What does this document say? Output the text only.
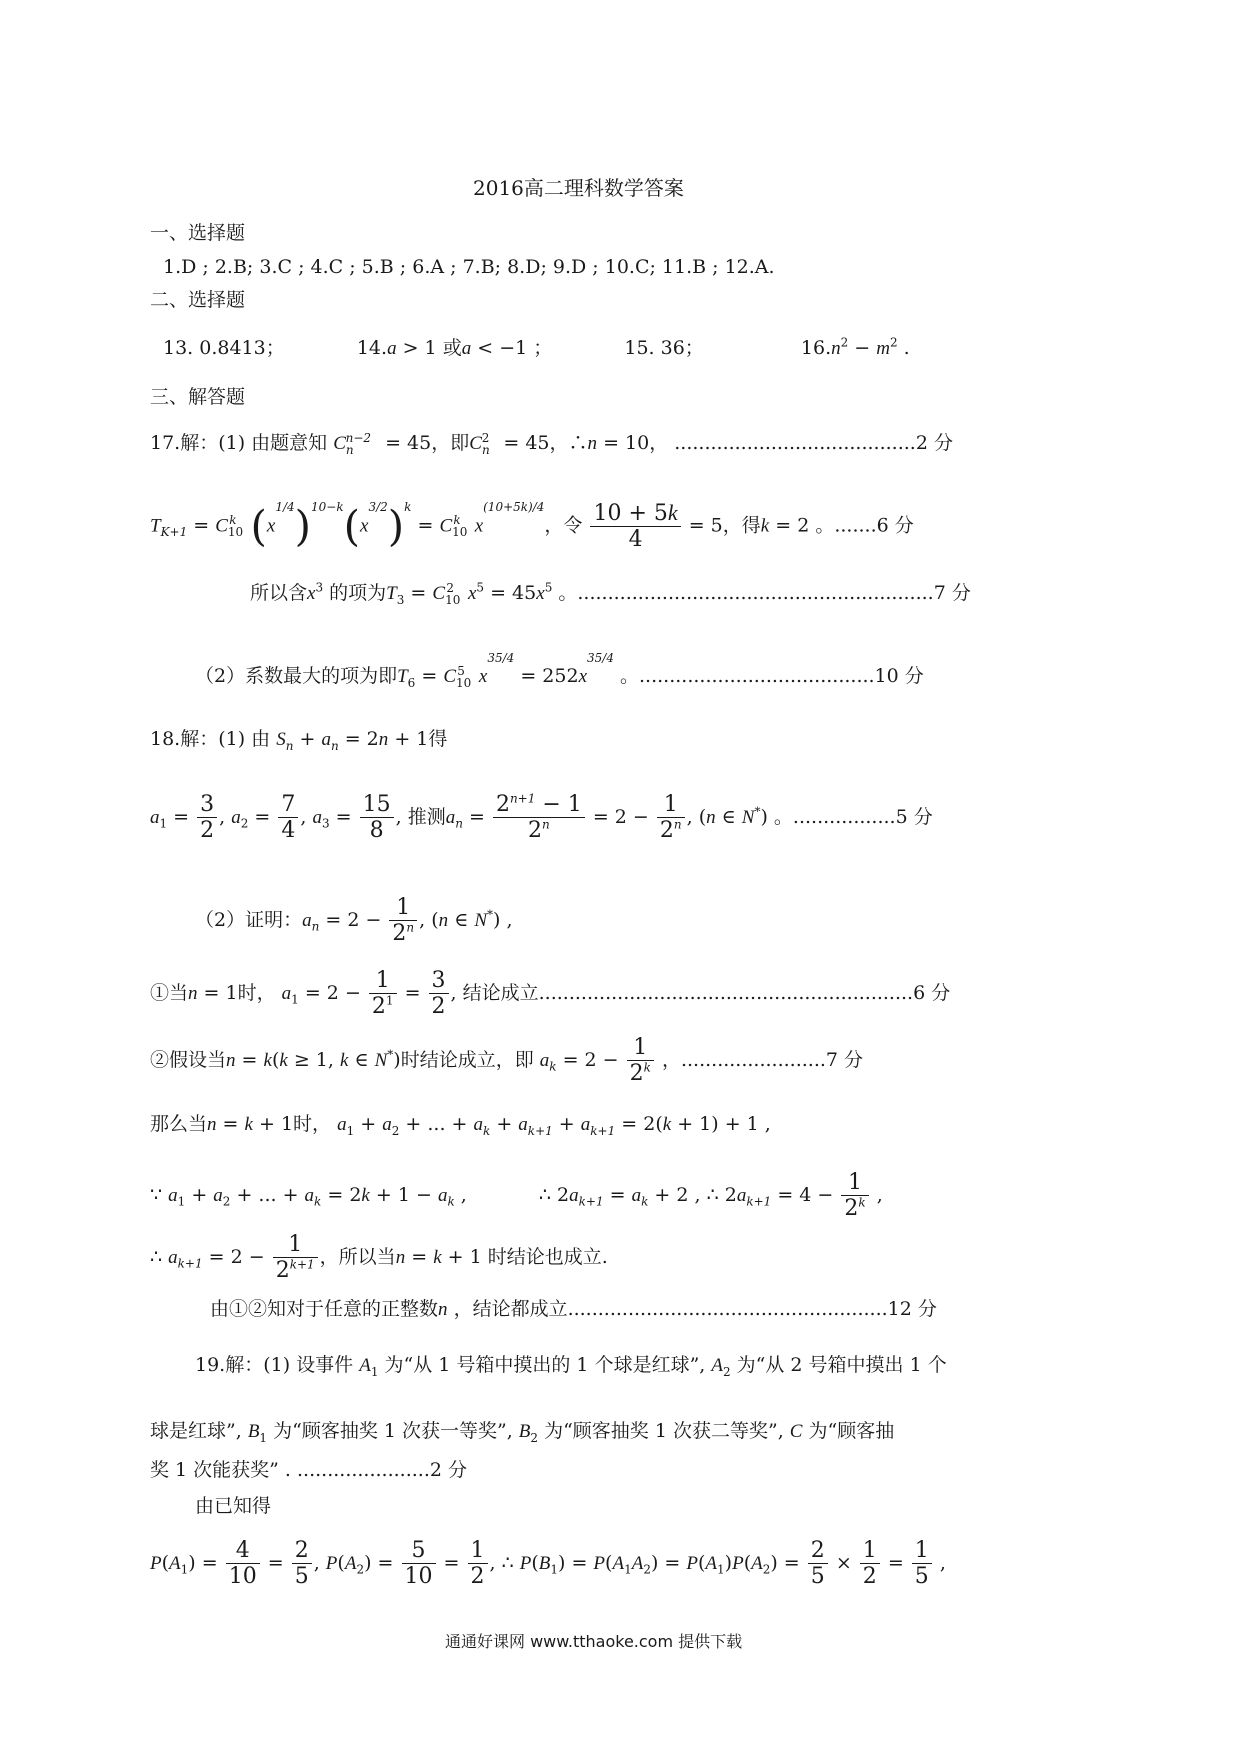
2016高二理科数学答案
一、选择题
1.D ; 2.B; 3.C ; 4.C ; 5.B ; 6.A ; 7.B; 8.D; 9.D ; 10.C; 11.B ; 12.A.
二、选择题
13. 0.8413；	14.a > 1 或a < −1 ；	15. 36；	$16.n^2 - m^2$ .
三、解答题
17.解：(1) 由题意知 $C_n^{n-2} = 45$，即$C_n^2 = 45$，∴n = 10， ........................................2 分
$T_{K+1} = C_{10}^k$ $(x1/4)10-k(x3/2)k = C_{10}^k$ x(10+5k)/4，令 $\frac{10 + 5k}{4} = 5$，得k = 2 。.......6 分
所以含$x^3$ 的项为$T_3 = C_{10}^2$ $x^5 = 45x^5$ 。...........................................................7 分
（2）系数最大的项为即$T_6 = C_{10}^5$ x35/4 = 252x35/4 。.......................................10 分
18.解：(1) 由 $S_n + a_n = 2n + 1$得
$a_1 = \frac{3}{2}$ , $a_2 = \frac{7}{4}$ , $a_3 = \frac{15}{8}$ , 推测$a_n = \frac{2^{n+1} - 1}{2^n} = 2 - \frac{1}{2^n}$ , (n ∈ N*) 。.................5 分
（2）证明：$a_n = 2 - \frac{1}{2^n}$ , (n ∈ N*) ,
①当n = 1时， $a_1 = 2 - \frac{1}{2^1} = \frac{3}{2}$ , 结论成立..............................................................6 分
②假设当n = k(k ≥ 1, k ∈ N*)时结论成立，即 $a_k = 2 - \frac{1}{2^k}$ ，........................7 分
那么当n = k + 1时， $a_1 + a_2$ + ... + $a_k + a_{k+1} + a_{k+1} = 2(k + 1) + 1$ ,
∵ $a_1 + a_2$ + ... + $a_k = 2k + 1 - a_k$ ,	∴ $2a_{k+1} = a_k + 2$ , ∴ $2a_{k+1} = 4 - \frac{1}{2^k}$ ,
∴ $a_{k+1} = 2 - \frac{1}{2^{k+1}}$ ，所以当n = k + 1 时结论也成立.
由①②知对于任意的正整数n ，结论都成立.....................................................12 分
19.解：(1) 设事件 $A_1$ 为“从 1 号箱中摸出的 1 个球是红球”, $A_2$ 为“从 2 号箱中摸出 1 个
球是红球”, $B_1$ 为“顾客抽奖 1 次获一等奖”, $B_2$ 为“顾客抽奖 1 次获二等奖”, C 为“顾客抽
奖 1 次能获奖” . ......................2 分
由已知得
$P(A_1) = \frac{4}{10} = \frac{2}{5}$ , $P(A_2) = \frac{5}{10} = \frac{1}{2}$ , ∴ $P(B_1) = P(A_1A_2) = P(A_1)P(A_2) = \frac{2}{5} \times \frac{1}{2} = \frac{1}{5}$ ,
通通好课网 www.tthaoke.com 提供下载
